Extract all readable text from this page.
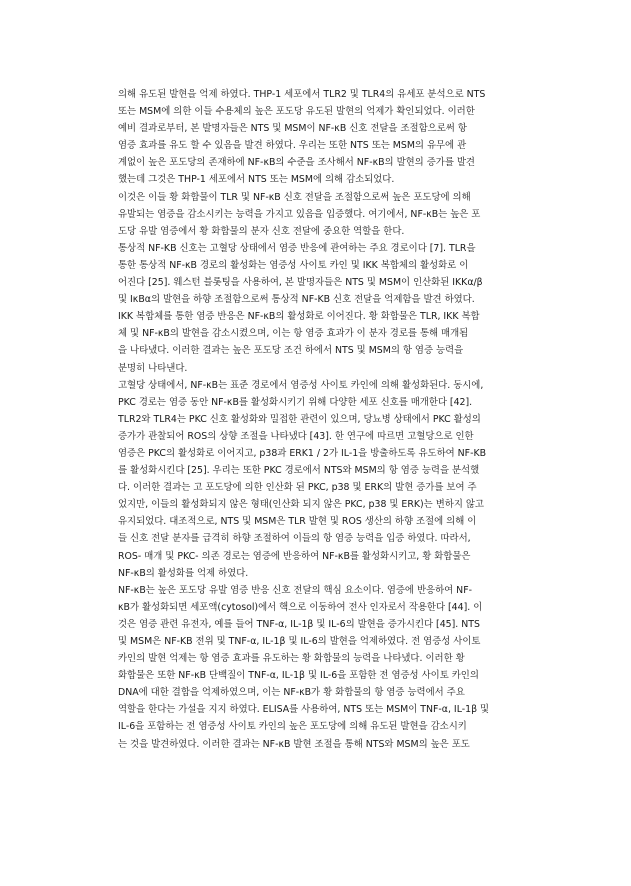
의해 유도된 발현을 억제 하였다. THP-1 세포에서 TLR2 및 TLR4의 유세포 분석으로 NTS
또는 MSM에 의한 이들 수용체의 높은 포도당 유도된 발현의 억제가 확인되었다. 이러한
예비 결과로부터, 본 발명자들은 NTS 및 MSM이 NF-κB 신호 전달을 조절함으로써 항
염증 효과를 유도 할 수 있음을 발견 하였다. 우리는 또한 NTS 또는 MSM의 유무에 관
계없이 높은 포도당의 존재하에 NF-κB의 수준을 조사해서 NF-κB의 발현의 증가를 발견
했는데 그것은 THP-1 세포에서 NTS 또는 MSM에 의해 감소되었다.
이것은 이들 황 화합물이 TLR 및 NF-κB 신호 전달을 조절함으로써 높은 포도당에 의해
유발되는 염증을 감소시키는 능력을 가지고 있음을 입증했다. 여기에서, NF-κB는 높은 포
도당 유발 염증에서 황 화합물의 분자 신호 전달에 중요한 역할을 한다.
통상적 NF-KB 신호는 고혈당 상태에서 염증 반응에 관여하는 주요 경로이다 [7]. TLR을
통한 통상적 NF-κB 경로의 활성화는 염증성 사이토 카인 및 IKK 복합체의 활성화로 이
어진다 [25]. 웨스턴 블롯팅을 사용하여, 본 발명자들은 NTS 및 MSM이 인산화된 IKKα/β
및 IκBα의 발현을 하향 조절함으로써 통상적 NF-KB 신호 전달을 억제함을 발견 하였다.
IKK 복합체를 통한 염증 반응은 NF-κB의 활성화로 이어진다. 황 화합물은 TLR, IKK 복합
체 및 NF-κB의 발현을 감소시켰으며, 이는 항 염증 효과가 이 분자 경로를 통해 매개됨
을 나타냈다. 이러한 결과는 높은 포도당 조건 하에서 NTS 및 MSM의 항 염증 능력을
분명히 나타낸다.
고혈당 상태에서, NF-κB는 표준 경로에서 염증성 사이토 카인에 의해 활성화된다. 동시에,
PKC 경로는 염증 동안 NF-κB를 활성화시키기 위해 다양한 세포 신호를 매개한다 [42].
TLR2와 TLR4는 PKC 신호 활성화와 밀접한 관련이 있으며, 당뇨병 상태에서 PKC 활성의
증가가 관찰되어 ROS의 상향 조절을 나타냈다 [43]. 한 연구에 따르면 고혈당으로 인한
염증은 PKC의 활성화로 이어지고, p38과 ERK1 / 2가 IL-1을 방출하도록 유도하여 NF-KB
를 활성화시킨다 [25]. 우리는 또한 PKC 경로에서 NTS와 MSM의 항 염증 능력을 분석했
다. 이러한 결과는 고 포도당에 의한 인산화 된 PKC, p38 및 ERK의 발현 증가를 보여 주
었지만, 이들의 활성화되지 않은 형태(인산화 되지 않은 PKC, p38 및 ERK)는 변하지 않고
유지되었다. 대조적으로, NTS 및 MSM은 TLR 발현 및 ROS 생산의 하향 조절에 의해 이
들 신호 전달 분자를 급격히 하향 조절하여 이들의 항 염증 능력을 입증 하였다. 따라서,
ROS- 매개 및 PKC- 의존 경로는 염증에 반응하여 NF-κB를 활성화시키고, 황 화합물은
NF-κB의 활성화를 억제 하였다.
NF-κB는 높은 포도당 유발 염증 반응 신호 전달의 핵심 요소이다. 염증에 반응하여 NF-
κB가 활성화되면 세포액(cytosol)에서 핵으로 이동하여 전사 인자로서 작용한다 [44]. 이
것은 염증 관련 유전자, 예를 들어 TNF-α, IL-1β 및 IL-6의 발현을 증가시킨다 [45]. NTS
및 MSM은 NF-KB 전위 및 TNF-α, IL-1β 및 IL-6의 발현을 억제하였다. 전 염증성 사이토
카인의 발현 억제는 항 염증 효과를 유도하는 황 화합물의 능력을 나타냈다. 이러한 황
화합물은 또한 NF-κB 단백질이 TNF-α, IL-1β 및 IL-6을 포함한 전 염증성 사이토 카인의
DNA에 대한 결합을 억제하였으며, 이는 NF-κB가 황 화합물의 항 염증 능력에서 주요
역할을 한다는 가설을 지지 하였다. ELISA를 사용하여, NTS 또는 MSM이 TNF-α, IL-1β 및
IL-6을 포함하는 전 염증성 사이토 카인의 높은 포도당에 의해 유도된 발현을 감소시키
는 것을 발견하였다. 이러한 결과는 NF-κB 발현 조절을 통해 NTS와 MSM의 높은 포도
